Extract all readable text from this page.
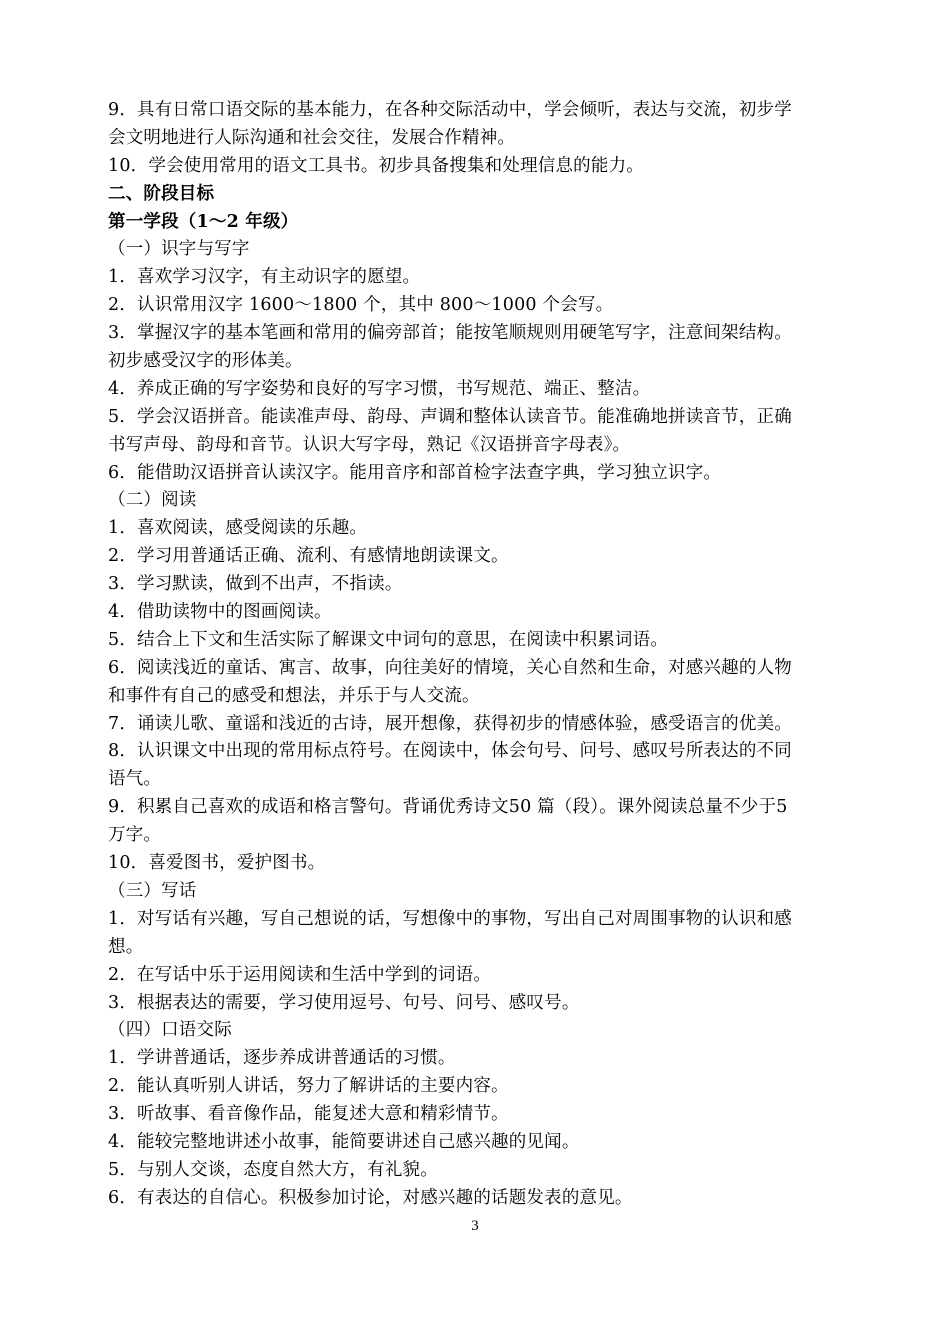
9．具有日常口语交际的基本能力，在各种交际活动中，学会倾听，表达与交流，初步学
会文明地进行人际沟通和社会交往，发展合作精神。
10．学会使用常用的语文工具书。初步具备搜集和处理信息的能力。
二、阶段目标
第一学段（1～2 年级）
（一）识字与写字
1．喜欢学习汉字，有主动识字的愿望。
2．认识常用汉字 1600～1800 个，其中 800～1000 个会写。
3．掌握汉字的基本笔画和常用的偏旁部首；能按笔顺规则用硬笔写字，注意间架结构。
初步感受汉字的形体美。
4．养成正确的写字姿势和良好的写字习惯，书写规范、端正、整洁。
5．学会汉语拼音。能读准声母、韵母、声调和整体认读音节。能准确地拼读音节，正确
书写声母、韵母和音节。认识大写字母，熟记《汉语拼音字母表》。
6．能借助汉语拼音认读汉字。能用音序和部首检字法查字典，学习独立识字。
（二）阅读
1．喜欢阅读，感受阅读的乐趣。
2．学习用普通话正确、流利、有感情地朗读课文。
3．学习默读，做到不出声，不指读。
4．借助读物中的图画阅读。
5．结合上下文和生活实际了解课文中词句的意思，在阅读中积累词语。
6．阅读浅近的童话、寓言、故事，向往美好的情境，关心自然和生命，对感兴趣的人物
和事件有自己的感受和想法，并乐于与人交流。
7．诵读儿歌、童谣和浅近的古诗，展开想像，获得初步的情感体验，感受语言的优美。
8．认识课文中出现的常用标点符号。在阅读中，体会句号、问号、感叹号所表达的不同
语气。
9．积累自己喜欢的成语和格言警句。背诵优秀诗文50 篇（段）。课外阅读总量不少于5
万字。
10．喜爱图书，爱护图书。
（三）写话
1．对写话有兴趣，写自己想说的话，写想像中的事物，写出自己对周围事物的认识和感
想。
2．在写话中乐于运用阅读和生活中学到的词语。
3．根据表达的需要，学习使用逗号、句号、问号、感叹号。
（四）口语交际
1．学讲普通话，逐步养成讲普通话的习惯。
2．能认真听别人讲话，努力了解讲话的主要内容。
3．听故事、看音像作品，能复述大意和精彩情节。
4．能较完整地讲述小故事，能简要讲述自己感兴趣的见闻。
5．与别人交谈，态度自然大方，有礼貌。
6．有表达的自信心。积极参加讨论，对感兴趣的话题发表的意见。
3
